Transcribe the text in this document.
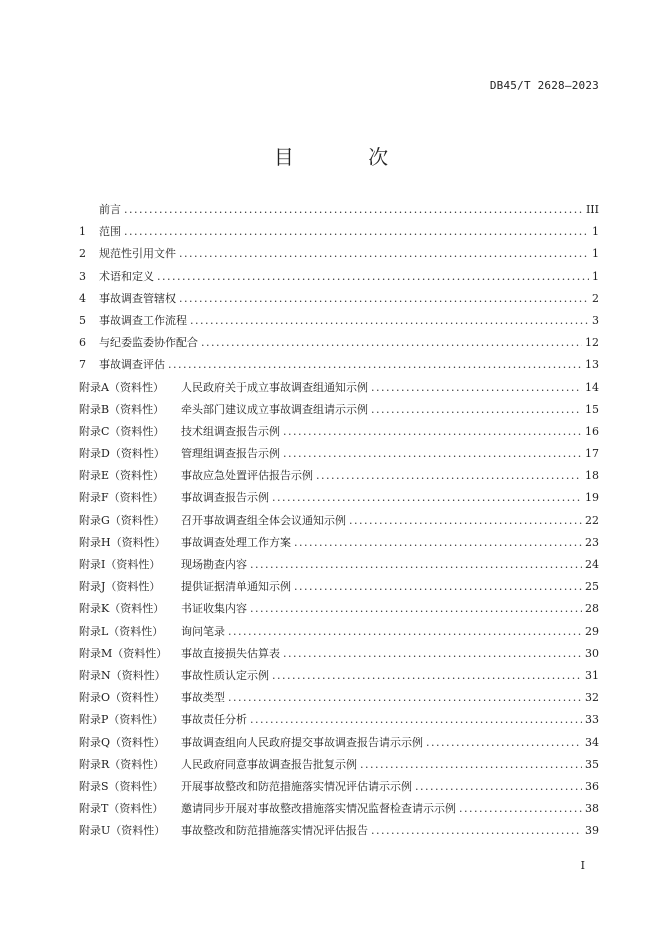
DB45/T 2628—2023
目 次
前言 .....	III
1	范围 .....	1
2	规范性引用文件 .....	1
3	术语和定义 .....	1
4	事故调查管辖权 .....	2
5	事故调查工作流程 .....	3
6	与纪委监委协作配合 .....	12
7	事故调查评估 .....	13
附录A（资料性）	人民政府关于成立事故调查组通知示例 .....	14
附录B（资料性）	牵头部门建议成立事故调查组请示示例 .....	15
附录C（资料性）	技术组调查报告示例 .....	16
附录D（资料性）	管理组调查报告示例 .....	17
附录E（资料性）	事故应急处置评估报告示例 .....	18
附录F（资料性）	事故调查报告示例 .....	19
附录G（资料性）	召开事故调查组全体会议通知示例 .....	22
附录H（资料性）	事故调查处理工作方案 .....	23
附录I（资料性）	现场勘查内容 .....	24
附录J（资料性）	提供证据清单通知示例 .....	25
附录K（资料性）	书证收集内容 .....	28
附录L（资料性）	询问笔录 .....	29
附录M（资料性）	事故直接损失估算表 .....	30
附录N（资料性）	事故性质认定示例 .....	31
附录O（资料性）	事故类型 .....	32
附录P（资料性）	事故责任分析 .....	33
附录Q（资料性）	事故调查组向人民政府提交事故调查报告请示示例 .....	34
附录R（资料性）	人民政府同意事故调查报告批复示例 .....	35
附录S（资料性）	开展事故整改和防范措施落实情况评估请示示例 .....	36
附录T（资料性）	邀请同步开展对事故整改措施落实情况监督检查请示示例 .....	38
附录U（资料性）	事故整改和防范措施落实情况评估报告 .....	39
I
